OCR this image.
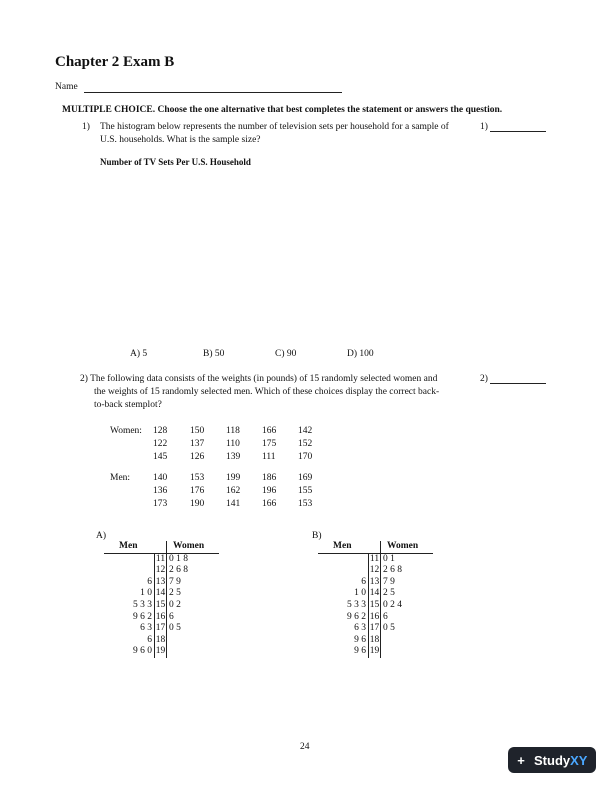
Chapter 2 Exam B
Name
MULTIPLE CHOICE. Choose the one alternative that best completes the statement or answers the question.
1) The histogram below represents the number of television sets per household for a sample of
U.S. households. What is the sample size?
1)
Number of TV Sets Per U.S. Household
A) 5	B) 50	C) 90	D) 100
2) The following data consists of the weights (in pounds) of 15 randomly selected women and
the weights of 15 randomly selected men. Which of these choices display the correct back-
to-back stemplot?
2)
Women: 128 150 118 166 142
122 137 110 175 152
145 126 139 111 170
Men: 140 153 199 186 169
136 176 162 196 155
173 190 141 166 153
A)
Men		Women
	11	0 1 8
	12	2 6 8
6	13	7 9
1 0	14	2 5
5 3 3	15	0 2
9 6 2	16	6
6 3	17	0 5
6	18	
9 6 0	19	
B)
Men		Women
	11	0 1
	12	2 6 8
6	13	7 9
1 0	14	2 5
5 3 3	15	0 2 4
9 6 2	16	6
6 3	17	0 5
9 6	18	
9 6	19	
24
+ Study XY
